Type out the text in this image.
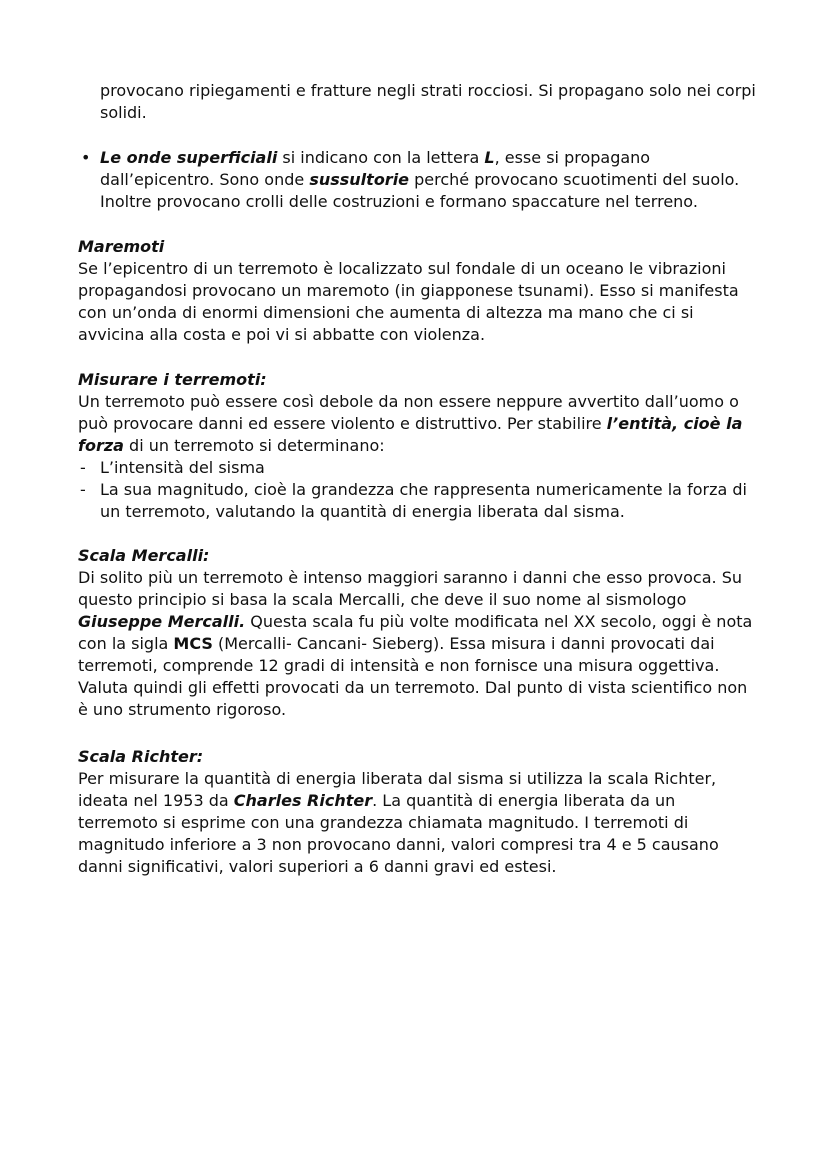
provocano ripiegamenti e fratture negli strati rocciosi. Si propagano solo nei corpi solidi.

• Le onde superficiali si indicano con la lettera L, esse si propagano dall’epicentro. Sono onde sussultorie perché provocano scuotimenti del suolo. Inoltre provocano crolli delle costruzioni e formano spaccature nel terreno.

Maremoti

Se l’epicentro di un terremoto è localizzato sul fondale di un oceano le vibrazioni propagandosi provocano un maremoto (in giapponese tsunami). Esso si manifesta con un’onda di enormi dimensioni che aumenta di altezza ma mano che ci si avvicina alla costa e poi vi si abbatte con violenza.

Misurare i terremoti:

Un terremoto può essere così debole da non essere neppure avvertito dall’uomo o può provocare danni ed essere violento e distruttivo. Per stabilire l’entità, cioè la forza di un terremoto si determinano:

- L’intensità del sisma

- La sua magnitudo, cioè la grandezza che rappresenta numericamente la forza di un terremoto, valutando la quantità di energia liberata dal sisma.

Scala Mercalli:

Di solito più un terremoto è intenso maggiori saranno i danni che esso provoca. Su questo principio si basa la scala Mercalli, che deve il suo nome al sismologo Giuseppe Mercalli. Questa scala fu più volte modificata nel XX secolo, oggi è nota con la sigla MCS (Mercalli- Cancani- Sieberg). Essa misura i danni provocati dai terremoti, comprende 12 gradi di intensità e non fornisce una misura oggettiva. Valuta quindi gli effetti provocati da un terremoto. Dal punto di vista scientifico non è uno strumento rigoroso.

Scala Richter:

Per misurare la quantità di energia liberata dal sisma si utilizza la scala Richter, ideata nel 1953 da Charles Richter. La quantità di energia liberata da un terremoto si esprime con una grandezza chiamata magnitudo. I terremoti di magnitudo inferiore a 3 non provocano danni, valori compresi tra 4 e 5 causano danni significativi, valori superiori a 6 danni gravi ed estesi.
